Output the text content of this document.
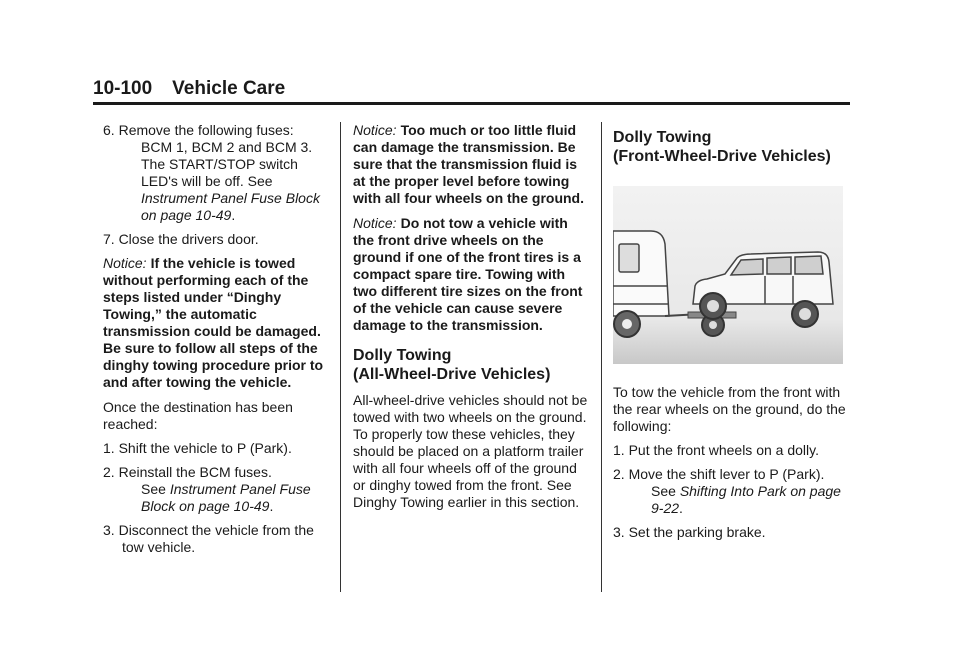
10-100 Vehicle Care
6. Remove the following fuses:
BCM 1, BCM 2 and BCM 3. The START/STOP switch LED's will be off. See Instrument Panel Fuse Block on page 10-49.

7. Close the drivers door.

Notice: If the vehicle is towed without performing each of the steps listed under “Dinghy Towing,” the automatic transmission could be damaged. Be sure to follow all steps of the dinghy towing procedure prior to and after towing the vehicle.

Once the destination has been reached:

1. Shift the vehicle to P (Park).

2. Reinstall the BCM fuses.
See Instrument Panel Fuse Block on page 10-49.
3. Disconnect the vehicle from the tow vehicle.

Notice: Too much or too little fluid can damage the transmission. Be sure that the transmission fluid is at the proper level before towing with all four wheels on the ground.

Notice: Do not tow a vehicle with the front drive wheels on the ground if one of the front tires is a compact spare tire. Towing with two different tire sizes on the front of the vehicle can cause severe damage to the transmission.

Dolly Towing
(All-Wheel-Drive Vehicles)

All-wheel-drive vehicles should not be towed with two wheels on the ground. To properly tow these vehicles, they should be placed on a platform trailer with all four wheels off of the ground or dinghy towed from the front. See Dinghy Towing earlier in this section.

Dolly Towing
(Front-Wheel-Drive Vehicles)

To tow the vehicle from the front with the rear wheels on the ground, do the following:

1. Put the front wheels on a dolly.

2. Move the shift lever to P (Park).
See Shifting Into Park on page 9-22.

3. Set the parking brake.
